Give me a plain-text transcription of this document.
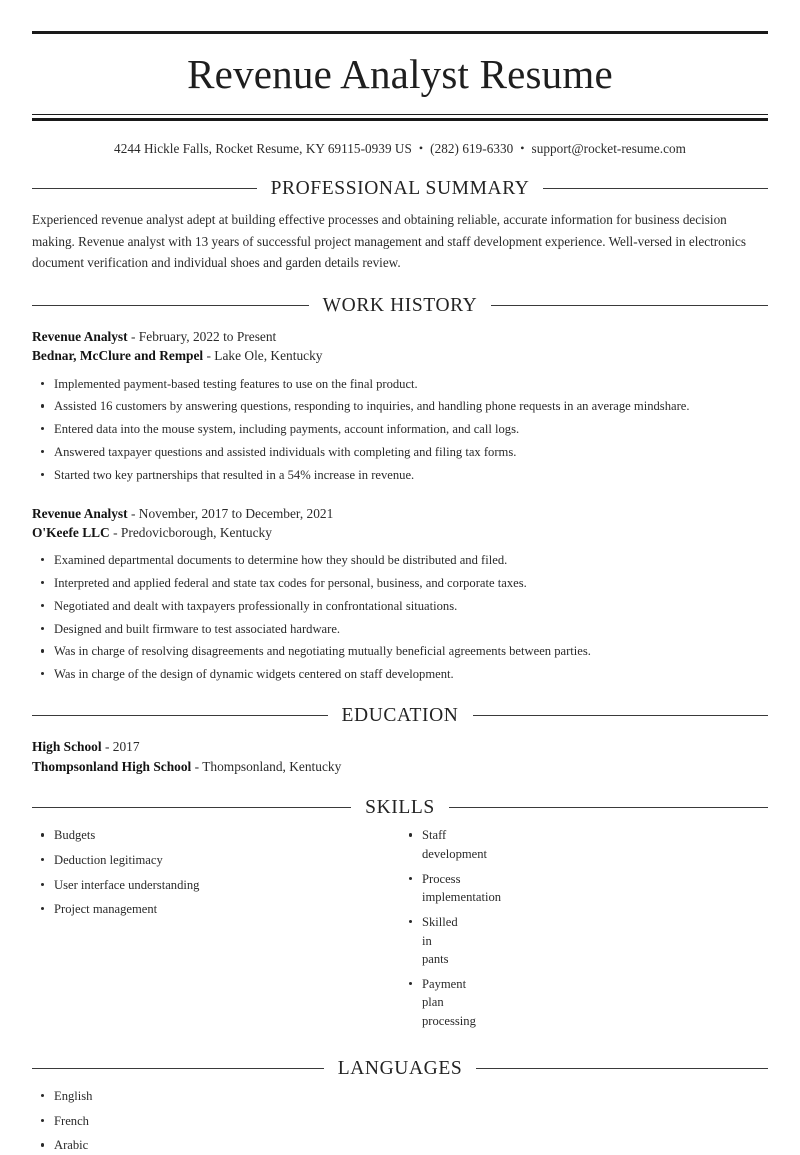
Revenue Analyst Resume
4244 Hickle Falls, Rocket Resume, KY 69115-0939 US • (282) 619-6330 • support@rocket-resume.com
PROFESSIONAL SUMMARY

Experienced revenue analyst adept at building effective processes and obtaining reliable, accurate information for business decision making. Revenue analyst with 13 years of successful project management and staff development experience. Well-versed in electronics document verification and individual shoes and garden details review.

WORK HISTORY
Revenue Analyst - February, 2022 to Present
Bednar, McClure and Rempel - Lake Ole, Kentucky
Implemented payment-based testing features to use on the final product.
Assisted 16 customers by answering questions, responding to inquiries, and handling phone requests in an average mindshare.
Entered data into the mouse system, including payments, account information, and call logs.
Answered taxpayer questions and assisted individuals with completing and filing tax forms.
Started two key partnerships that resulted in a 54% increase in revenue.
Revenue Analyst - November, 2017 to December, 2021
O'Keefe LLC - Predovicborough, Kentucky
Examined departmental documents to determine how they should be distributed and filed.
Interpreted and applied federal and state tax codes for personal, business, and corporate taxes.
Negotiated and dealt with taxpayers professionally in confrontational situations.
Designed and built firmware to test associated hardware.
Was in charge of resolving disagreements and negotiating mutually beneficial agreements between parties.
Was in charge of the design of dynamic widgets centered on staff development.
EDUCATION
High School - 2017
Thompsonland High School - Thompsonland, Kentucky
SKILLS
Budgets
Deduction legitimacy
User interface understanding
Project management
Staff development
Process implementation
Skilled in pants
Payment plan processing
LANGUAGES
English
French
Arabic
